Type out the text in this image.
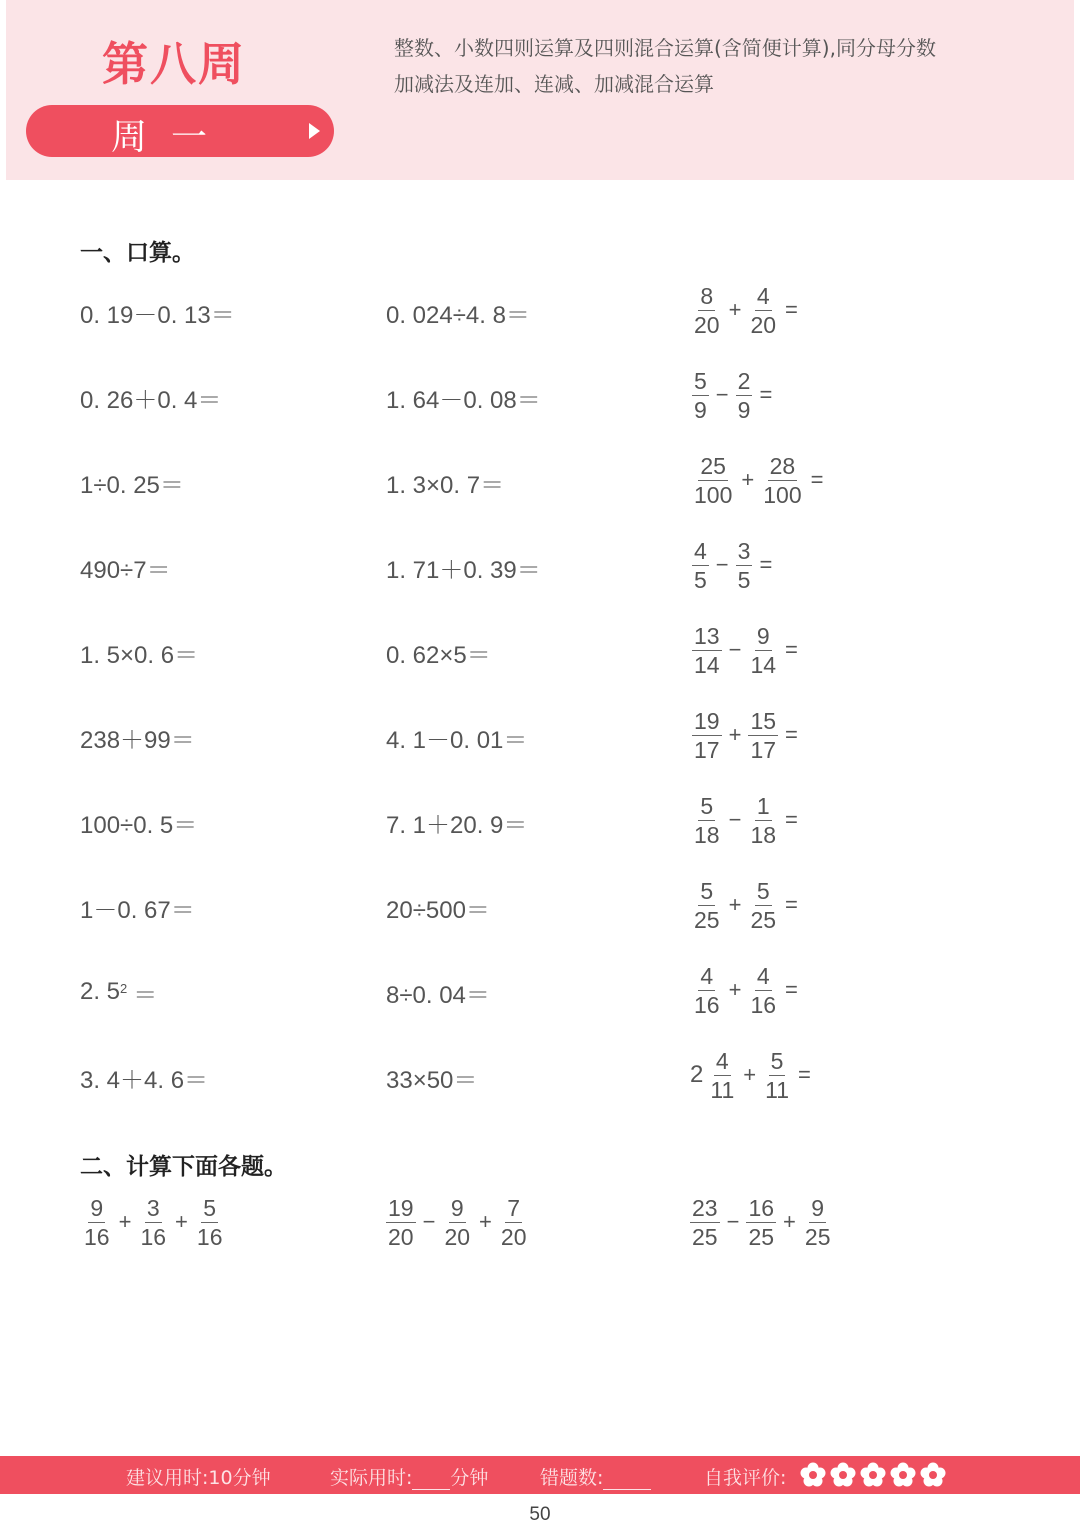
第八周
周一
整数、小数四则运算及四则混合运算(含简便计算),同分母分数
加减法及连加、连减、加减混合运算
一、口算。
0. 19－0. 13＝	0. 024÷4. 8＝	$\frac{8}{20} + \frac{4}{20}$ =
0. 26＋0. 4＝	1. 64－0. 08＝	$\frac{5}{9} - \frac{2}{9}$ =
1÷0. 25＝	1. 3×0. 7＝	$\frac{25}{100} + \frac{28}{100}$ =
490÷7＝	1. 71＋0. 39＝	$\frac{4}{5} - \frac{3}{5}$ =
1. 5×0. 6＝	0. 62×5＝	$\frac{13}{14} - \frac{9}{14}$ =
238＋99＝	4. 1－0. 01＝	$\frac{19}{17} + \frac{15}{17}$ =
100÷0. 5＝	7. 1＋20. 9＝	$\frac{5}{18} - \frac{1}{18}$ =
1－0. 67＝	20÷500＝	$\frac{5}{25} + \frac{5}{25}$ =
2. $5^2$ ＝	8÷0. 04＝	$\frac{4}{16} + \frac{4}{16}$ =
3. 4＋4. 6＝	33×50＝	$2 \frac{4}{11} + \frac{5}{11}$ =
二、计算下面各题。
$\frac{9}{16} + \frac{3}{16} + \frac{5}{16}$	$\frac{19}{20} - \frac{9}{20} + \frac{7}{20}$	$\frac{23}{25} - \frac{16}{25} + \frac{9}{25}$
建议用时:10分钟	实际用时: 分钟	错题数:	自我评价:
50
